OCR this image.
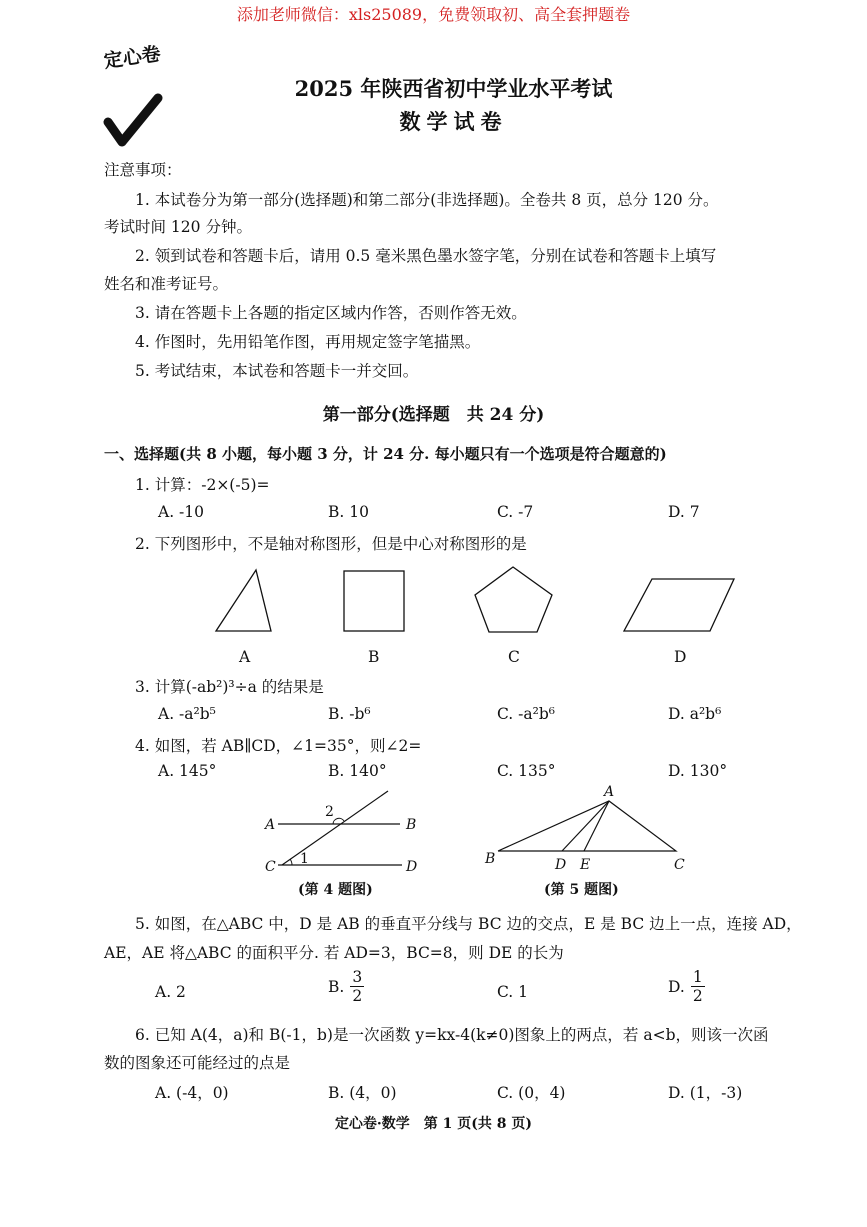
添加老师微信：xls25089，免费领取初、高全套押题卷
定心卷
2025 年陕西省初中学业水平考试
数学试卷
注意事项：
1. 本试卷分为第一部分(选择题)和第二部分(非选择题)。全卷共 8 页，总分 120 分。
考试时间 120 分钟。
2. 领到试卷和答题卡后，请用 0.5 毫米黑色墨水签字笔，分别在试卷和答题卡上填写
姓名和准考证号。
3. 请在答题卡上各题的指定区域内作答，否则作答无效。
4. 作图时，先用铅笔作图，再用规定签字笔描黑。
5. 考试结束，本试卷和答题卡一并交回。
第一部分(选择题　共 24 分)
一、选择题(共 8 小题，每小题 3 分，计 24 分. 每小题只有一个选项是符合题意的)
1. 计算：-2×(-5)=
A. -10	B. 10	C. -7	D. 7
2. 下列图形中，不是轴对称图形，但是中心对称图形的是
A	B	C	D
3. 计算(-ab²)³÷a 的结果是
A. -a²b⁵	B. -b⁶	C. -a²b⁶	D. a²b⁶
4. 如图，若 AB∥CD，∠1=35°，则∠2=
A. 145°	B. 140°	C. 135°	D. 130°
A	B
C	D
1
2
(第 4 题图)
A
B	C
D E
(第 5 题图)
5. 如图，在△ABC 中，D 是 AB 的垂直平分线与 BC 边的交点，E 是 BC 边上一点，连接 AD，
AE，AE 将△ABC 的面积平分. 若 AD=3，BC=8，则 DE 的长为
A. 2	B. $\frac{3}{2}$	C. 1	D. $\frac{1}{2}$
6. 已知 A(4，a)和 B(-1，b)是一次函数 y=kx-4(k≠0)图象上的两点，若 a<b，则该一次函
数的图象还可能经过的点是
A. (-4，0)	B. (4，0)	C. (0，4)	D. (1，-3)
定心卷·数学　第 1 页(共 8 页)
